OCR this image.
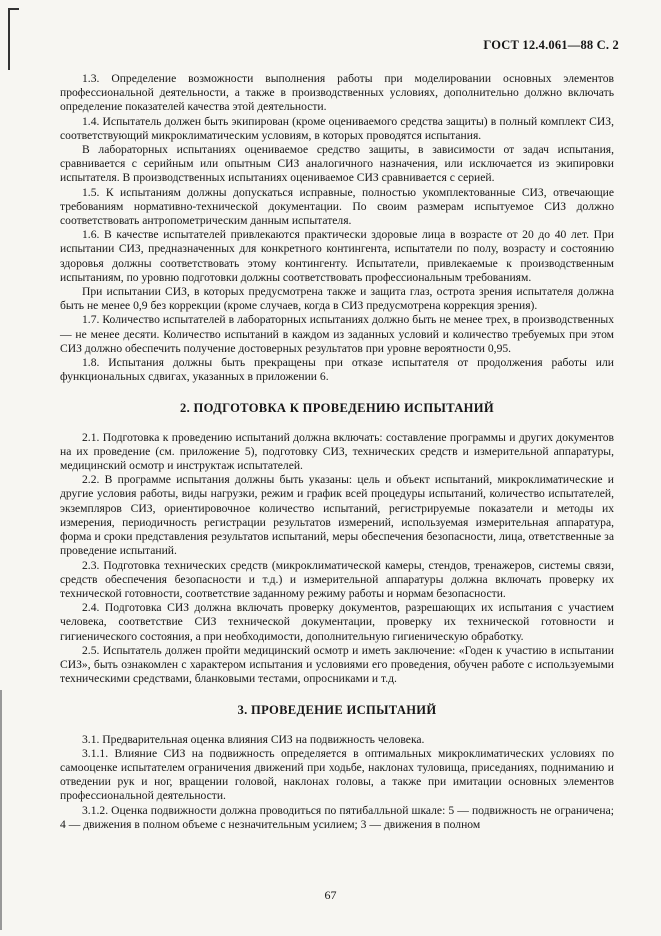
ГОСТ 12.4.061—88 С. 2

1.3. Определение возможности выполнения работы при моделировании основных элементов профессиональной деятельности, а также в производственных условиях, дополнительно должно включать определение показателей качества этой деятельности.

1.4. Испытатель должен быть экипирован (кроме оцениваемого средства защиты) в полный комплект СИЗ, соответствующий микроклиматическим условиям, в которых проводятся испытания.

В лабораторных испытаниях оцениваемое средство защиты, в зависимости от задач испытания, сравнивается с серийным или опытным СИЗ аналогичного назначения, или исключается из экипировки испытателя. В производственных испытаниях оцениваемое СИЗ сравнивается с серией.

1.5. К испытаниям должны допускаться исправные, полностью укомплектованные СИЗ, отвечающие требованиям нормативно-технической документации. По своим размерам испытуемое СИЗ должно соответствовать антропометрическим данным испытателя.

1.6. В качестве испытателей привлекаются практически здоровые лица в возрасте от 20 до 40 лет. При испытании СИЗ, предназначенных для конкретного контингента, испытатели по полу, возрасту и состоянию здоровья должны соответствовать этому контингенту. Испытатели, привлекаемые к производственным испытаниям, по уровню подготовки должны соответствовать профессиональным требованиям.

При испытании СИЗ, в которых предусмотрена также и защита глаз, острота зрения испытателя должна быть не менее 0,9 без коррекции (кроме случаев, когда в СИЗ предусмотрена коррекция зрения).

1.7. Количество испытателей в лабораторных испытаниях должно быть не менее трех, в производственных — не менее десяти. Количество испытаний в каждом из заданных условий и количество требуемых при этом СИЗ должно обеспечить получение достоверных результатов при уровне вероятности 0,95.

1.8. Испытания должны быть прекращены при отказе испытателя от продолжения работы или функциональных сдвигах, указанных в приложении 6.

2. ПОДГОТОВКА К ПРОВЕДЕНИЮ ИСПЫТАНИЙ

2.1. Подготовка к проведению испытаний должна включать: составление программы и других документов на их проведение (см. приложение 5), подготовку СИЗ, технических средств и измерительной аппаратуры, медицинский осмотр и инструктаж испытателей.

2.2. В программе испытания должны быть указаны: цель и объект испытаний, микроклиматические и другие условия работы, виды нагрузки, режим и график всей процедуры испытаний, количество испытателей, экземпляров СИЗ, ориентировочное количество испытаний, регистрируемые показатели и методы их измерения, периодичность регистрации результатов измерений, используемая измерительная аппаратура, форма и сроки представления результатов испытаний, меры обеспечения безопасности, лица, ответственные за проведение испытаний.

2.3. Подготовка технических средств (микроклиматической камеры, стендов, тренажеров, системы связи, средств обеспечения безопасности и т.д.) и измерительной аппаратуры должна включать проверку их технической готовности, соответствие заданному режиму работы и нормам безопасности.

2.4. Подготовка СИЗ должна включать проверку документов, разрешающих их испытания с участием человека, соответствие СИЗ технической документации, проверку их технической готовности и гигиенического состояния, а при необходимости, дополнительную гигиеническую обработку.

2.5. Испытатель должен пройти медицинский осмотр и иметь заключение: «Годен к участию в испытании СИЗ», быть ознакомлен с характером испытания и условиями его проведения, обучен работе с используемыми техническими средствами, бланковыми тестами, опросниками и т.д.

3. ПРОВЕДЕНИЕ ИСПЫТАНИЙ

3.1. Предварительная оценка влияния СИЗ на подвижность человека.

3.1.1. Влияние СИЗ на подвижность определяется в оптимальных микроклиматических условиях по самооценке испытателем ограничения движений при ходьбе, наклонах туловища, приседаниях, подниманию и отведении рук и ног, вращении головой, наклонах головы, а также при имитации основных элементов профессиональной деятельности.

3.1.2. Оценка подвижности должна проводиться по пятибалльной шкале: 5 — подвижность не ограничена; 4 — движения в полном объеме с незначительным усилием; 3 — движения в полном

67
